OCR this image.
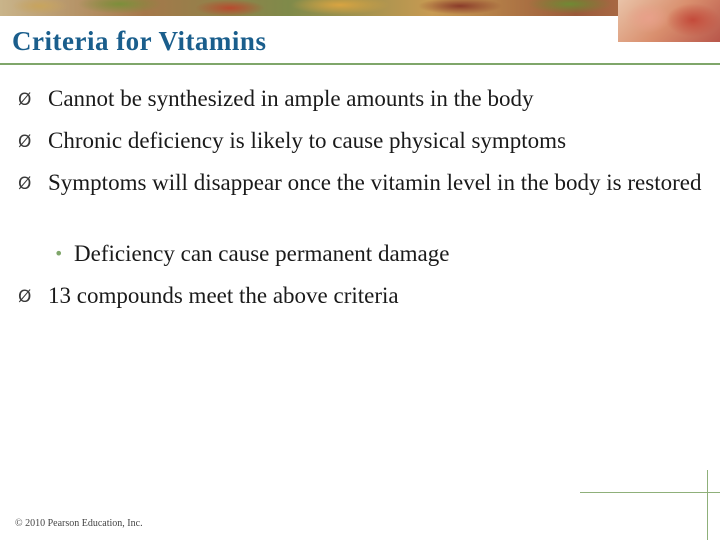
Criteria for Vitamins
Ø Cannot be synthesized in ample amounts in the body
Ø Chronic deficiency is likely to cause physical symptoms
Ø Symptoms will disappear once the vitamin level in the body is restored
• Deficiency can cause permanent damage
Ø 13 compounds meet the above criteria
© 2010 Pearson Education, Inc.
